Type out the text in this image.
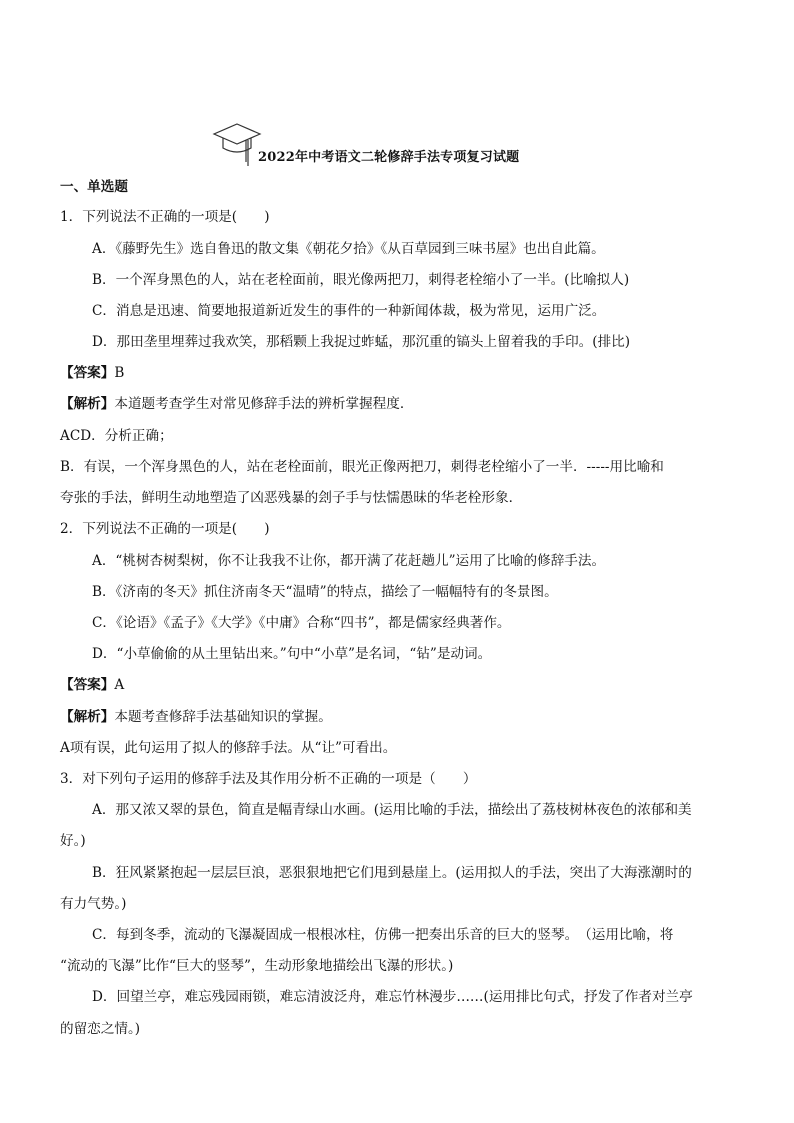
2022年中考语文二轮修辞手法专项复习试题
一、单选题
1．下列说法不正确的一项是(　　)
A．《藤野先生》选自鲁迅的散文集《朝花夕拾》《从百草园到三味书屋》也出自此篇。
B．一个浑身黑色的人，站在老栓面前，眼光像两把刀，刺得老栓缩小了一半。(比喻拟人)
C．消息是迅速、简要地报道新近发生的事件的一种新闻体裁，极为常见，运用广泛。
D．那田垄里埋葬过我欢笑，那稻颗上我捉过蚱蜢，那沉重的镐头上留着我的手印。(排比)
【答案】B
【解析】本道题考查学生对常见修辞手法的辨析掌握程度．
ACD．分析正确；
B．有误，一个浑身黑色的人，站在老栓面前，眼光正像两把刀，刺得老栓缩小了一半．-----用比喻和
夸张的手法，鲜明生动地塑造了凶恶残暴的刽子手与怯懦愚昧的华老栓形象．
2．下列说法不正确的一项是(　　)
A．“桃树杏树梨树，你不让我我不让你，都开满了花赶趟儿”运用了比喻的修辞手法。
B．《济南的冬天》抓住济南冬天“温晴”的特点，描绘了一幅幅特有的冬景图。
C．《论语》《孟子》《大学》《中庸》合称“四书”，都是儒家经典著作。
D．“小草偷偷的从土里钻出来。”句中“小草”是名词，“钻”是动词。
【答案】A
【解析】本题考查修辞手法基础知识的掌握。
A项有误，此句运用了拟人的修辞手法。从“让”可看出。
3．对下列句子运用的修辞手法及其作用分析不正确的一项是（　　）
A．那又浓又翠的景色，简直是幅青绿山水画。(运用比喻的手法，描绘出了荔枝树林夜色的浓郁和美
好。)
B．狂风紧紧抱起一层层巨浪，恶狠狠地把它们甩到悬崖上。(运用拟人的手法，突出了大海涨潮时的
有力气势。)
C．每到冬季，流动的飞瀑凝固成一根根冰柱，仿佛一把奏出乐音的巨大的竖琴。　（运用比喻，将
“流动的飞瀑”比作“巨大的竖琴”，生动形象地描绘出飞瀑的形状。)
D．回望兰亭，难忘残园雨锁，难忘清波泛舟，难忘竹林漫步……(运用排比句式，抒发了作者对兰亭
的留恋之情。)
